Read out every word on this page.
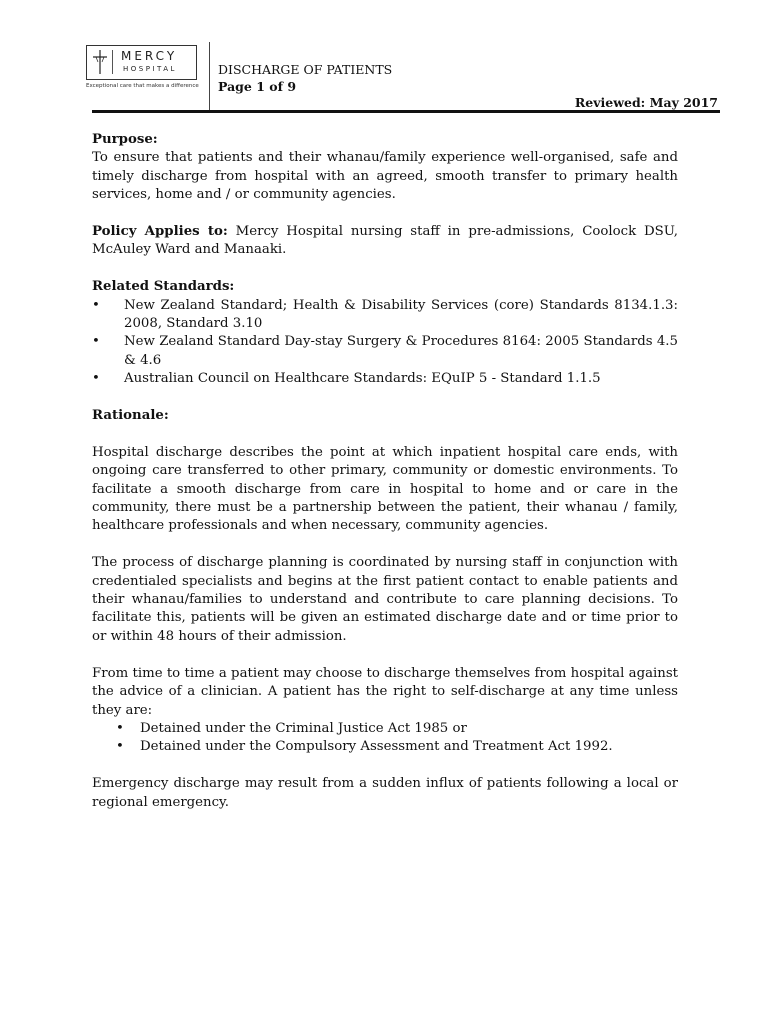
MERCY
HOSPITAL
Exceptional care that makes a difference
DISCHARGE OF PATIENTS
Page 1 of 9
Reviewed: May 2017

Purpose:

To ensure that patients and their whanau/family experience well-organised, safe and timely discharge from hospital with an agreed, smooth transfer to primary health services, home and / or community agencies.

Policy Applies to: Mercy Hospital nursing staff in pre-admissions, Coolock DSU, McAuley Ward and Manaaki.

Related Standards:

• New Zealand Standard; Health & Disability Services (core) Standards 8134.1.3: 2008, Standard 3.10
• New Zealand Standard Day-stay Surgery & Procedures 8164: 2005 Standards 4.5 & 4.6
• Australian Council on Healthcare Standards: EQuIP 5 - Standard 1.1.5

Rationale:

Hospital discharge describes the point at which inpatient hospital care ends, with ongoing care transferred to other primary, community or domestic environments. To facilitate a smooth discharge from care in hospital to home and or care in the community, there must be a partnership between the patient, their whanau / family, healthcare professionals and when necessary, community agencies.

The process of discharge planning is coordinated by nursing staff in conjunction with credentialed specialists and begins at the first patient contact to enable patients and their whanau/families to understand and contribute to care planning decisions. To facilitate this, patients will be given an estimated discharge date and or time prior to or within 48 hours of their admission.

From time to time a patient may choose to discharge themselves from hospital against the advice of a clinician. A patient has the right to self-discharge at any time unless they are:

• Detained under the Criminal Justice Act 1985 or
• Detained under the Compulsory Assessment and Treatment Act 1992.

Emergency discharge may result from a sudden influx of patients following a local or regional emergency.
